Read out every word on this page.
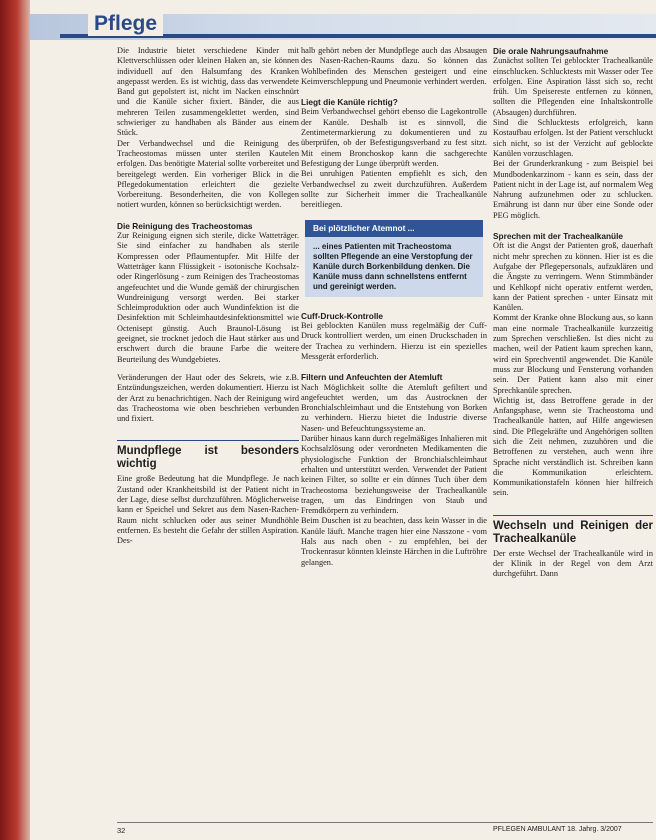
Pflege

Die Industrie bietet verschiedene Kinder mit Klettverschlüssen oder kleinen Haken an, sie können individuell auf den Halsumfang des Kranken angepasst werden. Es ist wichtig, dass das verwendete Band gut gepolstert ist, nicht im Nacken einschnürt und die Kanüle sicher fixiert. Bänder, die aus mehreren Teilen zusammengeklettet werden, sind schwieriger zu handhaben als Bänder aus einem Stück.

Der Verbandwechsel und die Reinigung des Tracheostomas müssen unter sterilen Kautelen erfolgen. Das benötigte Material sollte vorbereitet und bereitgelegt werden. Ein vorheriger Blick in die Pflegedokumentation erleichtert die gezielte Vorbereitung. Besonderheiten, die von Kollegen notiert wurden, können so berücksichtigt werden.

Die Reinigung des Tracheostomas

Zur Reinigung eignen sich sterile, dicke Watteträger. Sie sind einfacher zu handhaben als sterile Kompressen oder Pflaumentupfer. Mit Hilfe der Watteträger kann Flüssigkeit - isotonische Kochsalz- oder Ringerlösung - zum Reinigen des Tracheostomas angefeuchtet und die Wunde gemäß der chirurgischen Wundreinigung versorgt werden. Bei starker Schleimproduktion oder auch Wundinfektion ist die Desinfektion mit Schleimhautdesinfektionsmittel wie Octenisept günstig. Auch Braunol-Lösung ist geeignet, sie trocknet jedoch die Haut stärker aus und erschwert durch die braune Farbe die weitere Beurteilung des Wundgebietes.

Veränderungen der Haut oder des Sekrets, wie z.B. Entzündungszeichen, werden dokumentiert. Hierzu ist der Arzt zu benachrichtigen. Nach der Reinigung wird das Tracheostoma wie oben beschrieben verbunden und fixiert.

Mundpflege ist besonders wichtig

Eine große Bedeutung hat die Mundpflege. Je nach Zustand oder Krankheitsbild ist der Patient nicht in der Lage, diese selbst durchzuführen. Möglicherweise kann er Speichel und Sekret aus dem Nasen-Rachen-Raum nicht schlucken oder aus seiner Mundhöhle entfernen. Es besteht die Gefahr der stillen Aspiration. Des-

halb gehört neben der Mundpflege auch das Absaugen des Nasen-Rachen-Raums dazu. So können das Wohlbefinden des Menschen gesteigert und eine Keimverschleppung und Pneumonie verhindert werden.

Liegt die Kanüle richtig?

Beim Verbandwechsel gehört ebenso die Lagekontrolle der Kanüle. Deshalb ist es sinnvoll, die Zentimetermarkierung zu dokumentieren und zu überprüfen, ob der Befestigungsverband zu fest sitzt. Mit einem Bronchoskop kann die sachgerechte Befestigung der Lunge überprüft werden.

Bei unruhigen Patienten empfiehlt es sich, den Verbandwechsel zu zweit durchzuführen. Außerdem sollte zur Sicherheit immer die Trachealkanüle bereitliegen.

Bei plötzlicher Atemnot ...
... eines Patienten mit Tracheostoma sollten Pflegende an eine Verstopfung der Kanüle durch Borkenbildung denken. Die Kanüle muss dann schnellstens entfernt und gereinigt werden.

Cuff-Druck-Kontrolle

Bei geblockten Kanülen muss regelmäßig der Cuff-Druck kontrolliert werden, um einen Druckschaden in der Trachea zu verhindern. Hierzu ist ein spezielles Messgerät erforderlich.

Filtern und Anfeuchten der Atemluft

Nach Möglichkeit sollte die Atemluft gefiltert und angefeuchtet werden, um das Austrocknen der Bronchialschleimhaut und die Entstehung von Borken zu verhindern. Hierzu bietet die Industrie diverse Nasen- und Befeuchtungssysteme an.

Darüber hinaus kann durch regelmäßiges Inhalieren mit Kochsalzlösung oder verordneten Medikamenten die physiologische Funktion der Bronchialschleimhaut erhalten und unterstützt werden. Verwendet der Patient keinen Filter, so sollte er ein dünnes Tuch über dem Tracheostoma beziehungsweise der Trachealkanüle tragen, um das Eindringen von Staub und Fremdkörpern zu verhindern.

Beim Duschen ist zu beachten, dass kein Wasser in die Kanüle läuft. Manche tragen hier eine Nasszone - vom Hals aus nach oben - zu empfehlen, bei der Trockenrasur könnten kleinste Härchen in die Luftröhre gelangen.

Die orale Nahrungsaufnahme

Zunächst sollten Tei geblockter Trachealkanüle einschlucken. Schlucktests mit Wasser oder Tee erfolgen. Eine Aspiration lässt sich so, recht früh. Um Speisereste entfernen zu können, sollten die Pflegenden eine Inhaltskontrolle (Absaugen) durchführen.

Sind die Schlucktests erfolgreich, kann Kostaufbau erfolgen. Ist der Patient verschluckt sich nicht, so ist der Verzicht auf geblockte Kanülen vorzuschlagen.

Bei der Grunderkrankung - zum Beispiel bei Mundbodenkarzinom - kann es sein, dass der Patient nicht in der Lage ist, auf normalem Weg Nahrung aufzunehmen oder zu schlucken. Ernährung ist dann nur über eine Sonde oder PEG möglich.

Sprechen mit der Trachealkanüle

Oft ist die Angst der Patienten groß, dauerhaft nicht mehr sprechen zu können. Hier ist es die Aufgabe der Pflegepersonals, aufzuklären und die Ängste zu verringern. Wenn Stimmbänder und Kehlkopf nicht operativ entfernt werden, kann der Patient sprechen - unter Einsatz mit Kanülen.

Kommt der Kranke ohne Blockung aus, so kann man eine normale Trachealkanüle kurzzeitig zum Sprechen verschließen. Ist dies nicht zu machen, weil der Patient kaum sprechen kann, wird ein Sprechventil angewendet. Die Kanüle muss zur Blockung und Fensterung vorhanden sein. Der Patient kann also mit einer Sprechkanüle sprechen.

Wichtig ist, dass Betroffene gerade in der Anfangsphase, wenn sie Tracheostoma und Trachealkanüle hatten, auf Hilfe angewiesen sind. Die Pflegekräfte und Angehörigen sollten sich die Zeit nehmen, zuzuhören und die Betroffenen zu verstehen, auch wenn ihre Sprache nicht verständlich ist. Schreiben kann die Kommunikation erleichtern. Kommunikationstafeln können hier hilfreich sein.

Wechseln und Reinigen der Trachealkanüle

Der erste Wechsel der Trachealkanüle wird in der Klinik in der Regel von dem Arzt durchgeführt. Dann

32	PFLEGEN AMBULANT 18. Jahrg. 3/2007
